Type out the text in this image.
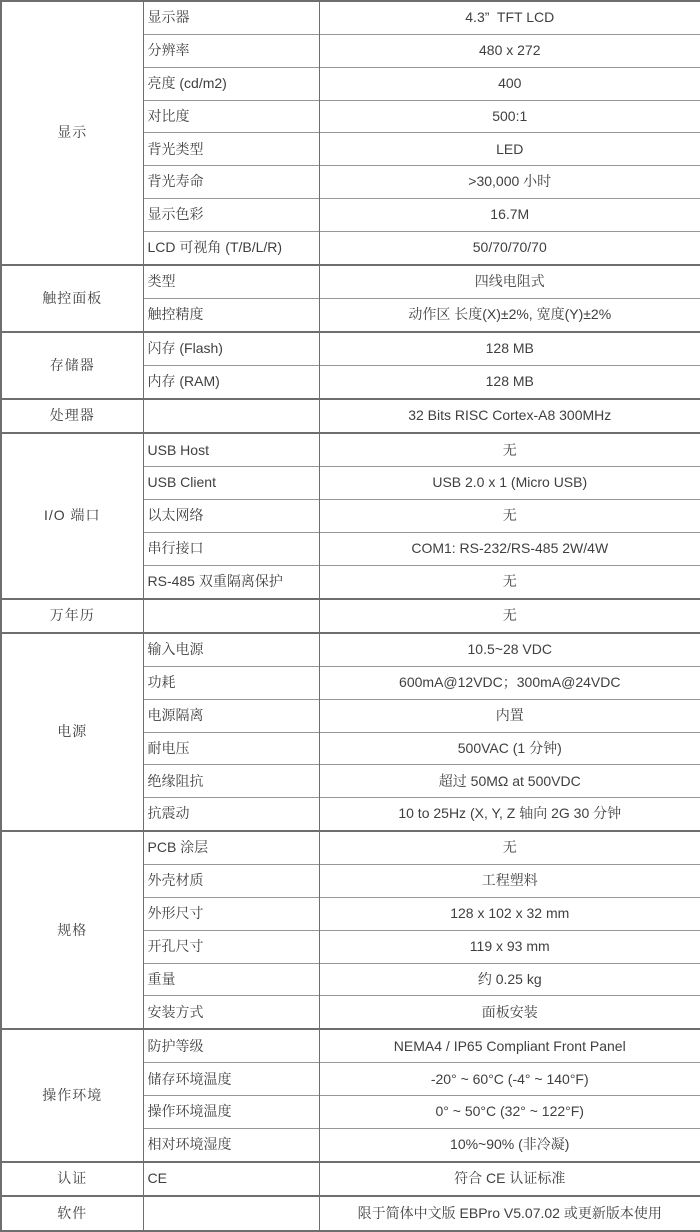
显示	显示器	4.3”  TFT LCD
	分辨率	480 x 272
	亮度 (cd/m2)	400
	对比度	500:1
	背光类型	LED
	背光寿命	>30,000 小时
	显示色彩	16.7M
	LCD 可视角 (T/B/L/R)	50/70/70/70
触控面板	类型	四线电阻式
	触控精度	动作区 长度(X)±2%, 宽度(Y)±2%
存储器	闪存 (Flash)	128 MB
	内存 (RAM)	128 MB
处理器		32 Bits RISC Cortex-A8 300MHz
I/O 端口	USB Host	无
	USB Client	USB 2.0 x 1 (Micro USB)
	以太网络	无
	串行接口	COM1: RS-232/RS-485 2W/4W
	RS-485 双重隔离保护	无
万年历		无
电源	输入电源	10.5~28 VDC
	功耗	600mA@12VDC；300mA@24VDC
	电源隔离	内置
	耐电压	500VAC (1 分钟)
	绝缘阻抗	超过 50MΩ at 500VDC
	抗震动	10 to 25Hz (X, Y, Z 轴向 2G 30 分钟
规格	PCB 涂层	无
	外壳材质	工程塑料
	外形尺寸	128 x 102 x 32 mm
	开孔尺寸	119 x 93 mm
	重量	约 0.25 kg
	安装方式	面板安装
操作环境	防护等级	NEMA4 / IP65 Compliant Front Panel
	储存环境温度	-20° ~ 60°C (-4° ~ 140°F)
	操作环境温度	0° ~ 50°C (32° ~ 122°F)
	相对环境湿度	10%~90% (非冷凝)
认证	CE	符合 CE 认证标准
软件		限于简体中文版 EBPro V5.07.02 或更新版本使用
